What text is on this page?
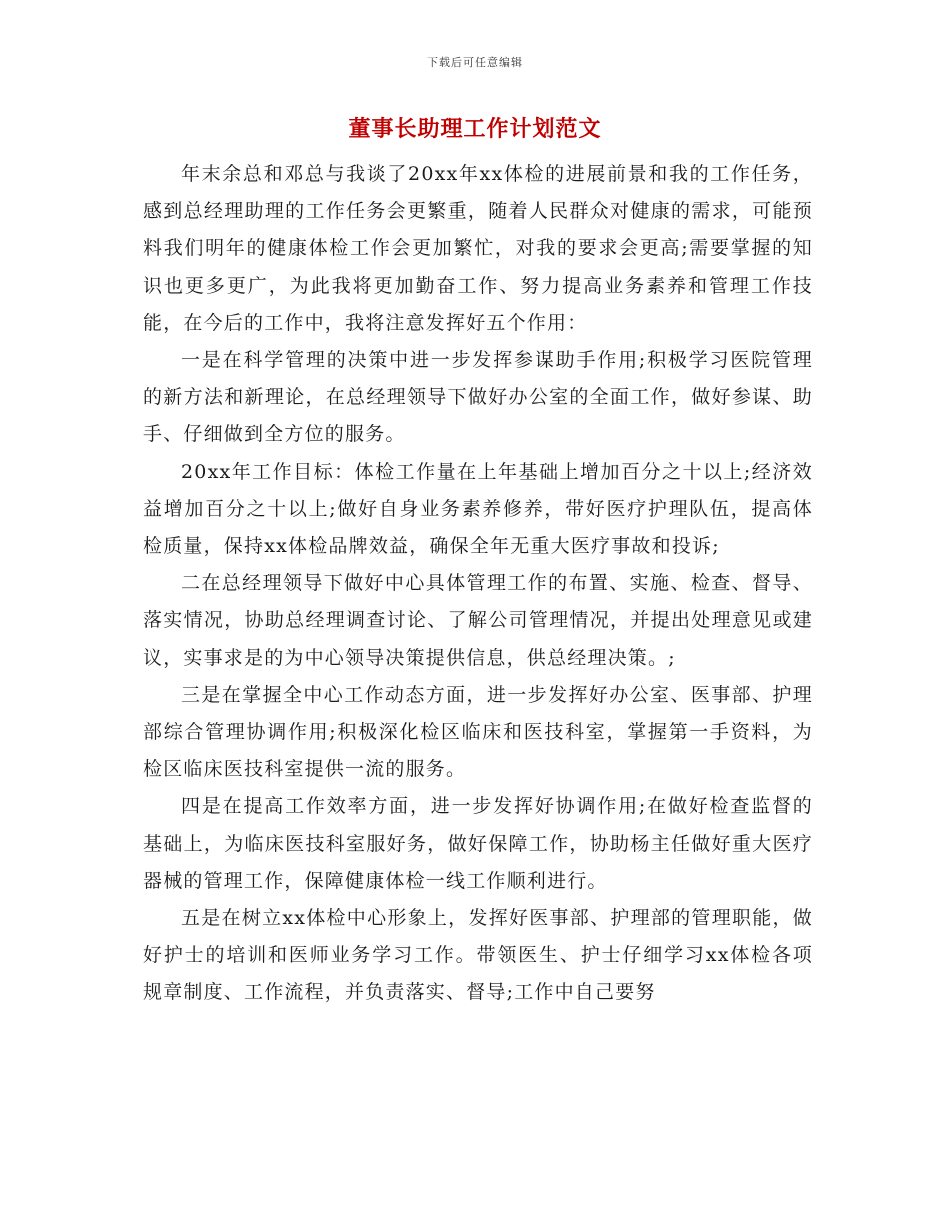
下载后可任意编辑
董事长助理工作计划范文

年末余总和邓总与我谈了20xx年xx体检的进展前景和我的工作任务，感到总经理助理的工作任务会更繁重，随着人民群众对健康的需求，可能预料我们明年的健康体检工作会更加繁忙，对我的要求会更高;需要掌握的知识也更多更广，为此我将更加勤奋工作、努力提高业务素养和管理工作技能，在今后的工作中，我将注意发挥好五个作用：

一是在科学管理的决策中进一步发挥参谋助手作用;积极学习医院管理的新方法和新理论，在总经理领导下做好办公室的全面工作，做好参谋、助手、仔细做到全方位的服务。

20xx年工作目标：体检工作量在上年基础上增加百分之十以上;经济效益增加百分之十以上;做好自身业务素养修养，带好医疗护理队伍，提高体检质量，保持xx体检品牌效益，确保全年无重大医疗事故和投诉;

二在总经理领导下做好中心具体管理工作的布置、实施、检查、督导、落实情况，协助总经理调查讨论、了解公司管理情况，并提出处理意见或建议，实事求是的为中心领导决策提供信息，供总经理决策。;

三是在掌握全中心工作动态方面，进一步发挥好办公室、医事部、护理部综合管理协调作用;积极深化检区临床和医技科室，掌握第一手资料，为检区临床医技科室提供一流的服务。

四是在提高工作效率方面，进一步发挥好协调作用;在做好检查监督的基础上，为临床医技科室服好务，做好保障工作，协助杨主任做好重大医疗器械的管理工作，保障健康体检一线工作顺利进行。

五是在树立xx体检中心形象上，发挥好医事部、护理部的管理职能，做好护士的培训和医师业务学习工作。带领医生、护士仔细学习xx体检各项规章制度、工作流程，并负责落实、督导;工作中自己要努
